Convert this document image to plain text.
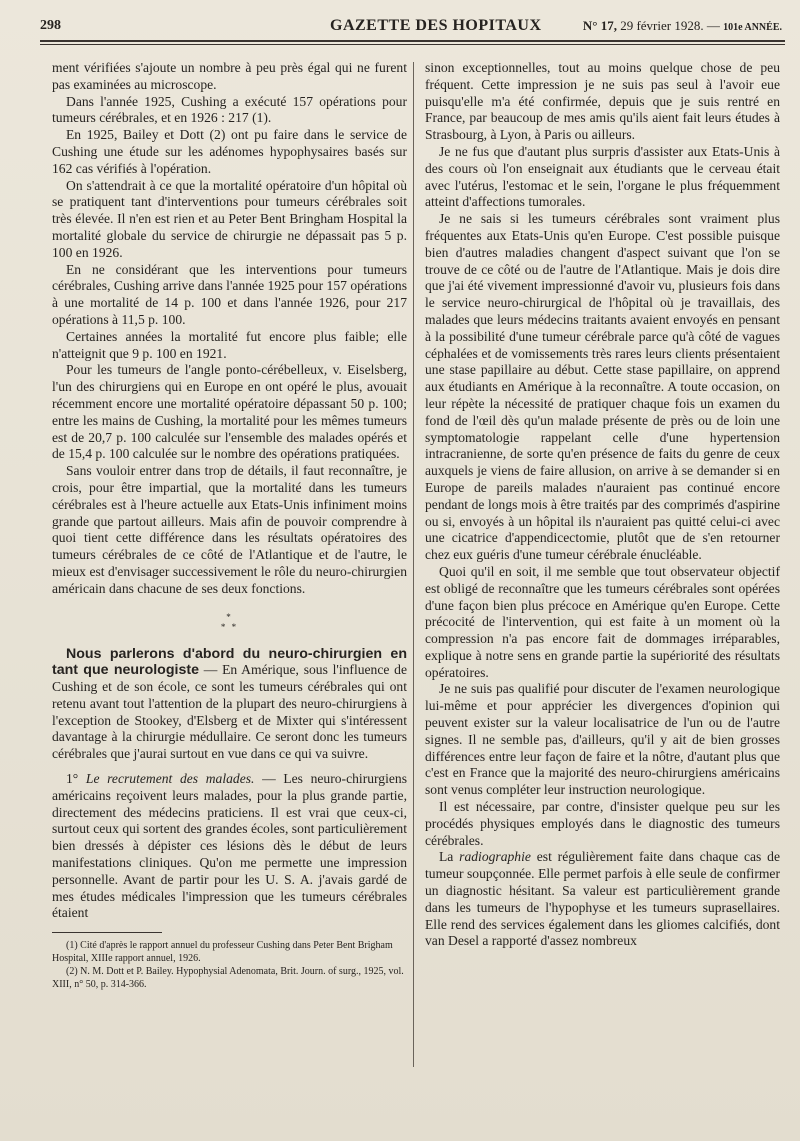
298	GAZETTE DES HOPITAUX	N° 17, 29 février 1928. — 101e ANNÉE.

ment vérifiées s'ajoute un nombre à peu près égal qui ne furent pas examinées au microscope.

Dans l'année 1925, Cushing a exécuté 157 opérations pour tumeurs cérébrales, et en 1926 : 217 (1).

En 1925, Bailey et Dott (2) ont pu faire dans le service de Cushing une étude sur les adénomes hypophysaires basés sur 162 cas vérifiés à l'opération.

On s'attendrait à ce que la mortalité opératoire d'un hôpital où se pratiquent tant d'interventions pour tumeurs cérébrales soit très élevée. Il n'en est rien et au Peter Bent Bringham Hospital la mortalité globale du service de chirurgie ne dépassait pas 5 p. 100 en 1926.

En ne considérant que les interventions pour tumeurs cérébrales, Cushing arrive dans l'année 1925 pour 157 opérations à une mortalité de 14 p. 100 et dans l'année 1926, pour 217 opérations à 11,5 p. 100.

Certaines années la mortalité fut encore plus faible; elle n'atteignit que 9 p. 100 en 1921.

Pour les tumeurs de l'angle ponto-cérébelleux, v. Eiselsberg, l'un des chirurgiens qui en Europe en ont opéré le plus, avouait récemment encore une mortalité opératoire dépassant 50 p. 100; entre les mains de Cushing, la mortalité pour les mêmes tumeurs est de 20,7 p. 100 calculée sur l'ensemble des malades opérés et de 15,4 p. 100 calculée sur le nombre des opérations pratiquées.

Sans vouloir entrer dans trop de détails, il faut reconnaître, je crois, pour être impartial, que la mortalité dans les tumeurs cérébrales est à l'heure actuelle aux Etats-Unis infiniment moins grande que partout ailleurs. Mais afin de pouvoir comprendre à quoi tient cette différence dans les résultats opératoires des tumeurs cérébrales de ce côté de l'Atlantique et de l'autre, le mieux est d'envisager successivement le rôle du neuro-chirurgien américain dans chacune de ses deux fonctions.

*
* *

Nous parlerons d'abord du neuro-chirurgien en tant que neurologiste — En Amérique, sous l'influence de Cushing et de son école, ce sont les tumeurs cérébrales qui ont retenu avant tout l'attention de la plupart des neuro-chirurgiens à l'exception de Stookey, d'Elsberg et de Mixter qui s'intéressent davantage à la chirurgie médullaire. Ce seront donc les tumeurs cérébrales que j'aurai surtout en vue dans ce qui va suivre.

1° Le recrutement des malades. — Les neuro-chirurgiens américains reçoivent leurs malades, pour la plus grande partie, directement des médecins praticiens. Il est vrai que ceux-ci, surtout ceux qui sortent des grandes écoles, sont particulièrement bien dressés à dépister ces lésions dès le début de leurs manifestations cliniques. Qu'on me permette une impression personnelle. Avant de partir pour les U. S. A. j'avais gardé de mes études médicales l'impression que les tumeurs cérébrales étaient

(1) Cité d'après le rapport annuel du professeur Cushing dans Peter Bent Brigham Hospital, XIIIe rapport annuel, 1926.

(2) N. M. Dott et P. Bailey. Hypophysial Adenomata, Brit. Journ. of surg., 1925, vol. XIII, n° 50, p. 314-366.

sinon exceptionnelles, tout au moins quelque chose de peu fréquent. Cette impression je ne suis pas seul à l'avoir eue puisqu'elle m'a été confirmée, depuis que je suis rentré en France, par beaucoup de mes amis qu'ils aient fait leurs études à Strasbourg, à Lyon, à Paris ou ailleurs.

Je ne fus que d'autant plus surpris d'assister aux Etats-Unis à des cours où l'on enseignait aux étudiants que le cerveau était avec l'utérus, l'estomac et le sein, l'organe le plus fréquemment atteint d'affections tumorales.

Je ne sais si les tumeurs cérébrales sont vraiment plus fréquentes aux Etats-Unis qu'en Europe. C'est possible puisque bien d'autres maladies changent d'aspect suivant que l'on se trouve de ce côté ou de l'autre de l'Atlantique. Mais je dois dire que j'ai été vivement impressionné d'avoir vu, plusieurs fois dans le service neuro-chirurgical de l'hôpital où je travaillais, des malades que leurs médecins traitants avaient envoyés en pensant à la possibilité d'une tumeur cérébrale parce qu'à côté de vagues céphalées et de vomissements très rares leurs clients présentaient une stase papillaire au début. Cette stase papillaire, on apprend aux étudiants en Amérique à la reconnaître. A toute occasion, on leur répète la nécessité de pratiquer chaque fois un examen du fond de l'œil dès qu'un malade présente de près ou de loin une symptomatologie rappelant celle d'une hypertension intracranienne, de sorte qu'en présence de faits du genre de ceux auxquels je viens de faire allusion, on arrive à se demander si en Europe de pareils malades n'auraient pas continué encore pendant de longs mois à être traités par des comprimés d'aspirine ou si, envoyés à un hôpital ils n'auraient pas quitté celui-ci avec une cicatrice d'appendicectomie, plutôt que de s'en retourner chez eux guéris d'une tumeur cérébrale énucléable.

Quoi qu'il en soit, il me semble que tout observateur objectif est obligé de reconnaître que les tumeurs cérébrales sont opérées d'une façon bien plus précoce en Amérique qu'en Europe. Cette précocité de l'intervention, qui est faite à un moment où la compression n'a pas encore fait de dommages irréparables, explique à notre sens en grande partie la supériorité des résultats opératoires.

Je ne suis pas qualifié pour discuter de l'examen neurologique lui-même et pour apprécier les divergences d'opinion qui peuvent exister sur la valeur localisatrice de l'un ou de l'autre signes. Il ne semble pas, d'ailleurs, qu'il y ait de bien grosses différences entre leur façon de faire et la nôtre, d'autant plus que c'est en France que la majorité des neuro-chirurgiens américains sont venus compléter leur instruction neurologique.

Il est nécessaire, par contre, d'insister quelque peu sur les procédés physiques employés dans le diagnostic des tumeurs cérébrales.

La radiographie est régulièrement faite dans chaque cas de tumeur soupçonnée. Elle permet parfois à elle seule de confirmer un diagnostic hésitant. Sa valeur est particulièrement grande dans les tumeurs de l'hypophyse et les tumeurs suprasellaires. Elle rend des services également dans les gliomes calcifiés, dont van Desel a rapporté d'assez nombreux
